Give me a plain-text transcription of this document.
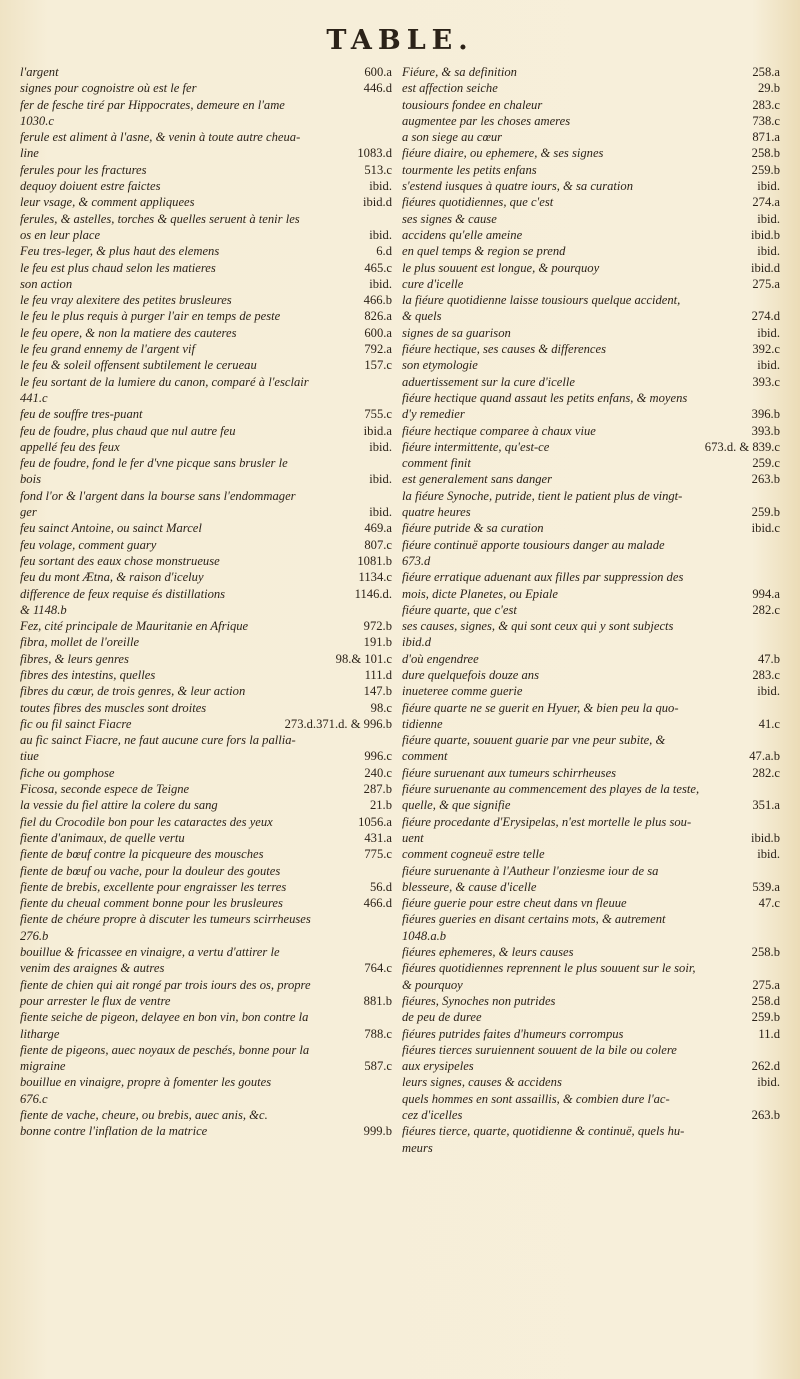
TABLE.
l'argent	600.a
signes pour cognoistre où est le fer	446.d
fer de fesche tiré par Hippocrates, demeure en l'ame
1030.c
ferule est aliment à l'asne, & venin à toute autre cheua-
line	1083.d
ferules pour les fractures	513.c
dequoy doiuent estre faictes	ibid.
leur vsage, & comment appliquees	ibid.d
ferules, & astelles, torches & quelles seruent à tenir les
os en leur place	ibid.
Feu tres-leger, & plus haut des elemens	6.d
le feu est plus chaud selon les matieres	465.c
son action	ibid.
le feu vray alexitere des petites brusleures	466.b
le feu le plus requis à purger l'air en temps de peste	826.a
le feu opere, & non la matiere des cauteres	600.a
le feu grand ennemy de l'argent vif	792.a
le feu & soleil offensent subtilement le cerueau	157.c
le feu sortant de la lumiere du canon, comparé à l'esclair
441.c
feu de souffre tres-puant	755.c
feu de foudre, plus chaud que nul autre feu	ibid.a
appellé feu des feux	ibid.
feu de foudre, fond le fer d'vne picque sans brusler le
bois	ibid.
fond l'or & l'argent dans la bourse sans l'endommager
ger	ibid.
feu sainct Antoine, ou sainct Marcel	469.a
feu volage, comment guary	807.c
feu sortant des eaux chose monstrueuse	1081.b
feu du mont Ætna, & raison d'iceluy	1134.c
difference de feux requise és distillations	1146.d.
& 1148.b
Fez, cité principale de Mauritanie en Afrique	972.b
fibra, mollet de l'oreille	191.b
fibres, & leurs genres	98.& 101.c
fibres des intestins, quelles	111.d
fibres du cœur, de trois genres, & leur action	147.b
toutes fibres des muscles sont droites	98.c
fic ou fil sainct Fiacre	273.d.371.d. & 996.b
au fic sainct Fiacre, ne faut aucune cure fors la pallia-
tiue	996.c
fiche ou gomphose	240.c
Ficosa, seconde espece de Teigne	287.b
la vessie du fiel attire la colere du sang	21.b
fiel du Crocodile bon pour les cataractes des yeux	1056.a
fiente d'animaux, de quelle vertu	431.a
fiente de bœuf contre la picqueure des mousches	775.c
fiente de bœuf ou vache, pour la douleur des goutes
fiente de brebis, excellente pour engraisser les terres	56.d
fiente du cheual comment bonne pour les brusleures	466.d
fiente de chéure propre à discuter les tumeurs scirrheuses
276.b
bouillue & fricassee en vinaigre, a vertu d'attirer le
venim des araignes & autres	764.c
fiente de chien qui ait rongé par trois iours des os, propre
pour arrester le flux de ventre	881.b
fiente seiche de pigeon, delayee en bon vin, bon contre la
litharge	788.c
fiente de pigeons, auec noyaux de peschés, bonne pour la
migraine	587.c
bouillue en vinaigre, propre à fomenter les goutes
676.c
fiente de vache, cheure, ou brebis, auec anis, &c.
bonne contre l'inflation de la matrice	999.b
Fiéure, & sa definition	258.a
est affection seiche	29.b
tousiours fondee en chaleur	283.c
augmentee par les choses ameres	738.c
a son siege au cœur	871.a
fiéure diaire, ou ephemere, & ses signes	258.b
tourmente les petits enfans	259.b
s'estend iusques à quatre iours, & sa curation	ibid.
fiéures quotidiennes, que c'est	274.a
ses signes & cause	ibid.
accidens qu'elle ameine	ibid.b
en quel temps & region se prend	ibid.
le plus souuent est longue, & pourquoy	ibid.d
cure d'icelle	275.a
la fiéure quotidienne laisse tousiours quelque accident,
& quels	274.d
signes de sa guarison	ibid.
fiéure hectique, ses causes & differences	392.c
son etymologie	ibid.
aduertissement sur la cure d'icelle	393.c
fiéure hectique quand assaut les petits enfans, & moyens
d'y remedier	396.b
fiéure hectique comparee à chaux viue	393.b
fiéure intermittente, qu'est-ce	673.d. & 839.c
comment finit	259.c
est generalement sans danger	263.b
la fiéure Synoche, putride, tient le patient plus de vingt-
quatre heures	259.b
fiéure putride & sa curation	ibid.c
fiéure continuë apporte tousiours danger au malade
673.d
fiéure erratique aduenant aux filles par suppression des
mois, dicte Planetes, ou Epiale	994.a
fiéure quarte, que c'est	282.c
ses causes, signes, & qui sont ceux qui y sont subjects
ibid.d
d'où engendree	47.b
dure quelquefois douze ans	283.c
inueteree comme guerie	ibid.
fiéure quarte ne se guerit en Hyuer, & bien peu la quo-
tidienne	41.c
fiéure quarte, souuent guarie par vne peur subite, &
comment	47.a.b
fiéure suruenant aux tumeurs schirrheuses	282.c
fiéure suruenante au commencement des playes de la teste,
quelle, & que signifie	351.a
fiéure procedante d'Erysipelas, n'est mortelle le plus sou-
uent	ibid.b
comment cogneuë estre telle	ibid.
fiéure suruenante à l'Autheur l'onziesme iour de sa
blesseure, & cause d'icelle	539.a
fiéure guerie pour estre cheut dans vn fleuue	47.c
fiéures gueries en disant certains mots, & autrement
1048.a.b
fiéures ephemeres, & leurs causes	258.b
fiéures quotidiennes reprennent le plus souuent sur le soir,
& pourquoy	275.a
fiéures, Synoches non putrides	258.d
de peu de duree	259.b
fiéures putrides faites d'humeurs corrompus	11.d
fiéures tierces suruiennent souuent de la bile ou colere
aux erysipeles	262.d
leurs signes, causes & accidens	ibid.
quels hommes en sont assaillis, & combien dure l'ac-
cez d'icelles	263.b
fiéures tierce, quarte, quotidienne & continuë, quels hu-
meurs
